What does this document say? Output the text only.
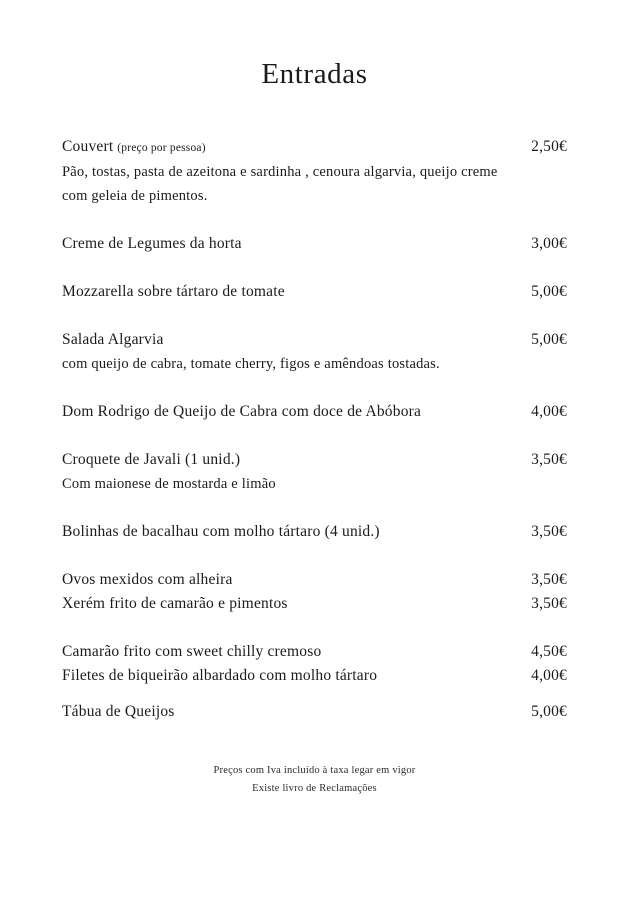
Entradas
Couvert (preço por pessoa)	2,50€
Pão, tostas, pasta de azeitona e sardinha , cenoura algarvia, queijo creme
com geleia de pimentos.
Creme de Legumes da horta	3,00€
Mozzarella sobre tártaro de tomate	5,00€
Salada Algarvia	5,00€
com queijo de cabra, tomate cherry, figos e amêndoas tostadas.
Dom Rodrigo de Queijo de Cabra com doce de Abóbora	4,00€
Croquete de Javali (1 unid.)	3,50€
Com maionese de mostarda e limão
Bolinhas de bacalhau com molho tártaro (4 unid.)	3,50€
Ovos mexidos com alheira	3,50€
Xerém frito de camarão e pimentos	3,50€
Camarão frito com sweet chilly cremoso	4,50€
Filetes de biqueirão albardado com molho tártaro	4,00€
Tábua de Queijos	5,00€
Preços com Iva incluído à taxa legar em vigor
Existe livro de Reclamações
